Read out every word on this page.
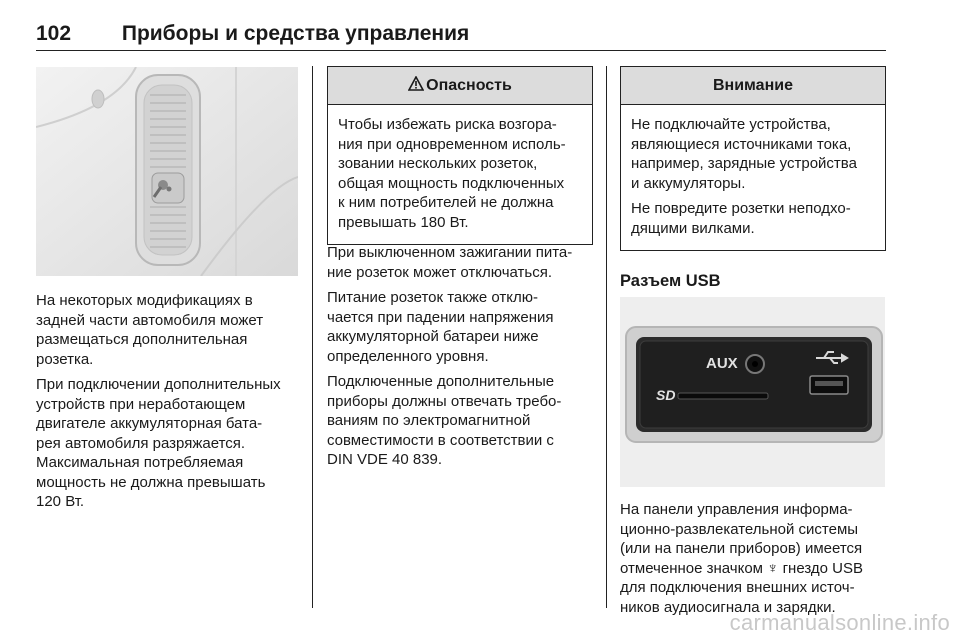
102 Приборы и средства управления

На некоторых модификациях в
задней части автомобиля может
размещаться дополнительная
розетка.

При подключении дополнительных
устройств при неработающем
двигателе аккумуляторная бата-
рея автомобиля разряжается.
Максимальная потребляемая
мощность не должна превышать
120 Вт.

Опасность

Чтобы избежать риска возгора-
ния при одновременном исполь-
зовании нескольких розеток,
общая мощность подключенных
к ним потребителей не должна
превышать 180 Вт.

При выключенном зажигании пита-
ние розеток может отключаться.

Питание розеток также отклю-
чается при падении напряжения
аккумуляторной батареи ниже
определенного уровня.

Подключенные дополнительные
приборы должны отвечать требо-
ваниям по электромагнитной
совместимости в соответствии с
DIN VDE 40 839.

Внимание

Не подключайте устройства,
являющиеся источниками тока,
например, зарядные устройства
и аккумуляторы.

Не повредите розетки неподхо-
дящими вилками.

Разъем USB
AUX
SD

На панели управления информа-
ционно-развлекательной системы
(или на панели приборов) имеется
отмеченное значком ♆ гнездо USB
для подключения внешних источ-
ников аудиосигнала и зарядки.

carmanualsonline.info
